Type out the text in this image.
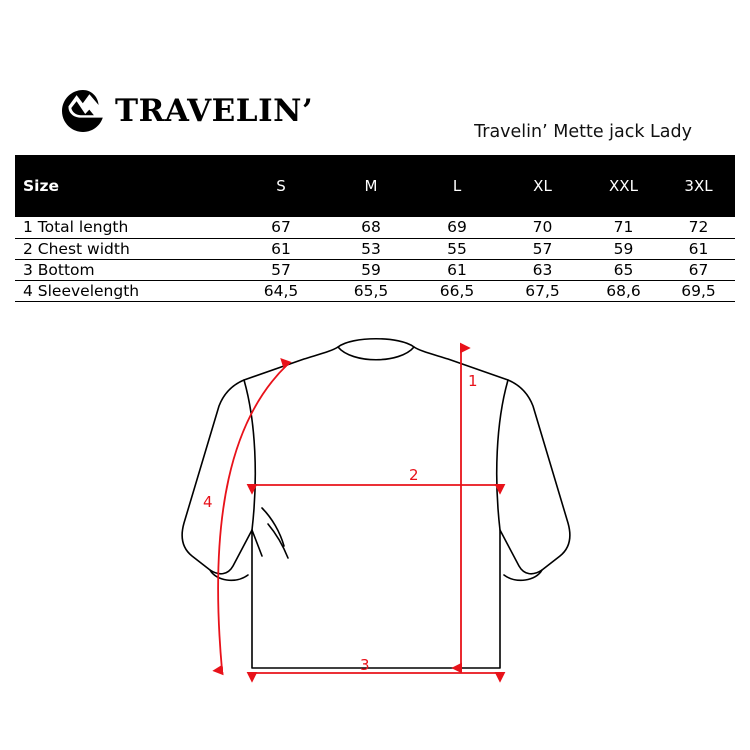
TRAVELIN’
Travelin’ Mette jack Lady
Size	S	M	L	XL	XXL	3XL
1 Total length	67	68	69	70	71	72
2 Chest width	61	53	55	57	59	61
3 Bottom	57	59	61	63	65	67
4 Sleevelength	64,5	65,5	66,5	67,5	68,6	69,5
1
2
3
4
